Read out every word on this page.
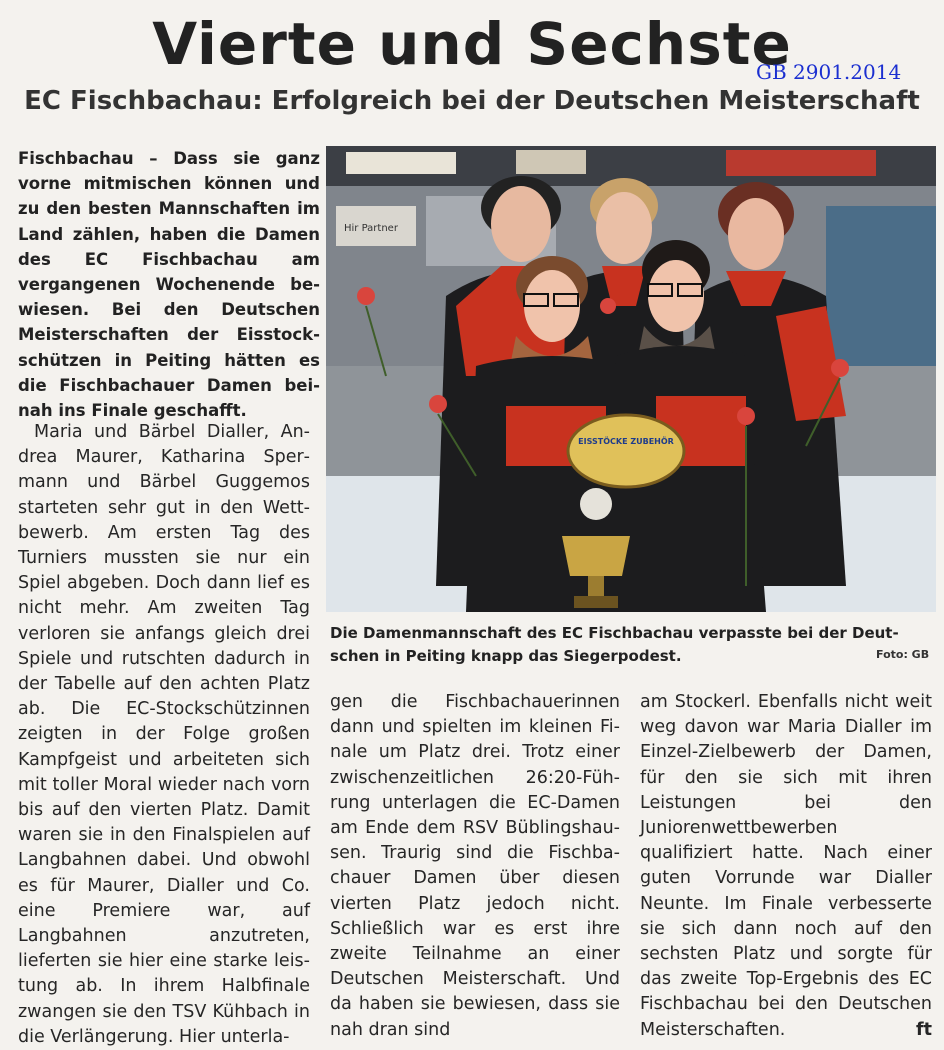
Vierte und Sechste
GB 2901.2014
EC Fischbachau: Erfolgreich bei der Deutschen Meisterschaft

Fischbachau – Dass sie ganz vorne mitmischen können und zu den besten Mannschaften im Land zählen, haben die Damen des EC Fischbachau am vergangenen Wochenende bewiesen. Bei den Deutschen Meisterschaften der Eisstockschützen in Peiting hätten es die Fischbachauer Damen beinah ins Finale geschafft.

Maria und Bärbel Dialler, Andrea Maurer, Katharina Spermann und Bärbel Guggemos starteten sehr gut in den Wettbewerb. Am ersten Tag des Turniers mussten sie nur ein Spiel abgeben. Doch dann lief es nicht mehr. Am zweiten Tag verloren sie anfangs gleich drei Spiele und rutschten dadurch in der Tabelle auf den achten Platz ab. Die EC-Stockschützinnen zeigten in der Folge großen Kampfgeist und arbeiteten sich mit toller Moral wieder nach vorn bis auf den vierten Platz. Damit waren sie in den Finalspielen auf Langbahnen dabei. Und obwohl es für Maurer, Dialler und Co. eine Premiere war, auf Langbahnen anzutreten, lieferten sie hier eine starke leistung ab. In ihrem Halbfinale zwangen sie den TSV Kühbach in die Verlängerung. Hier unterla-

Hir Partner
EISSTÖCKE ZUBEHÖR

Die Damenmannschaft des EC Fischbachau verpasste bei der Deutschen in Peiting knapp das Siegerpodest.	Foto: GB

gen die Fischbachauerinnen dann und spielten im kleinen Finale um Platz drei. Trotz einer zwischenzeitlichen 26:20-Führung unterlagen die EC-Damen am Ende dem RSV Büblingshausen. Traurig sind die Fischbachauer Damen über diesen vierten Platz jedoch nicht. Schließlich war es erst ihre zweite Teilnahme an einer Deutschen Meisterschaft. Und da haben sie bewiesen, dass sie nah dran sind

am Stockerl. Ebenfalls nicht weit weg davon war Maria Dialler im Einzel-Zielbewerb der Damen, für den sie sich mit ihren Leistungen bei den Juniorenwettbewerben qualifiziert hatte. Nach einer guten Vorrunde war Dialler Neunte. Im Finale verbesserte sie sich dann noch auf den sechsten Platz und sorgte für das zweite Top-Ergebnis des EC Fischbachau bei den Deutschen Meisterschaften.	ft
